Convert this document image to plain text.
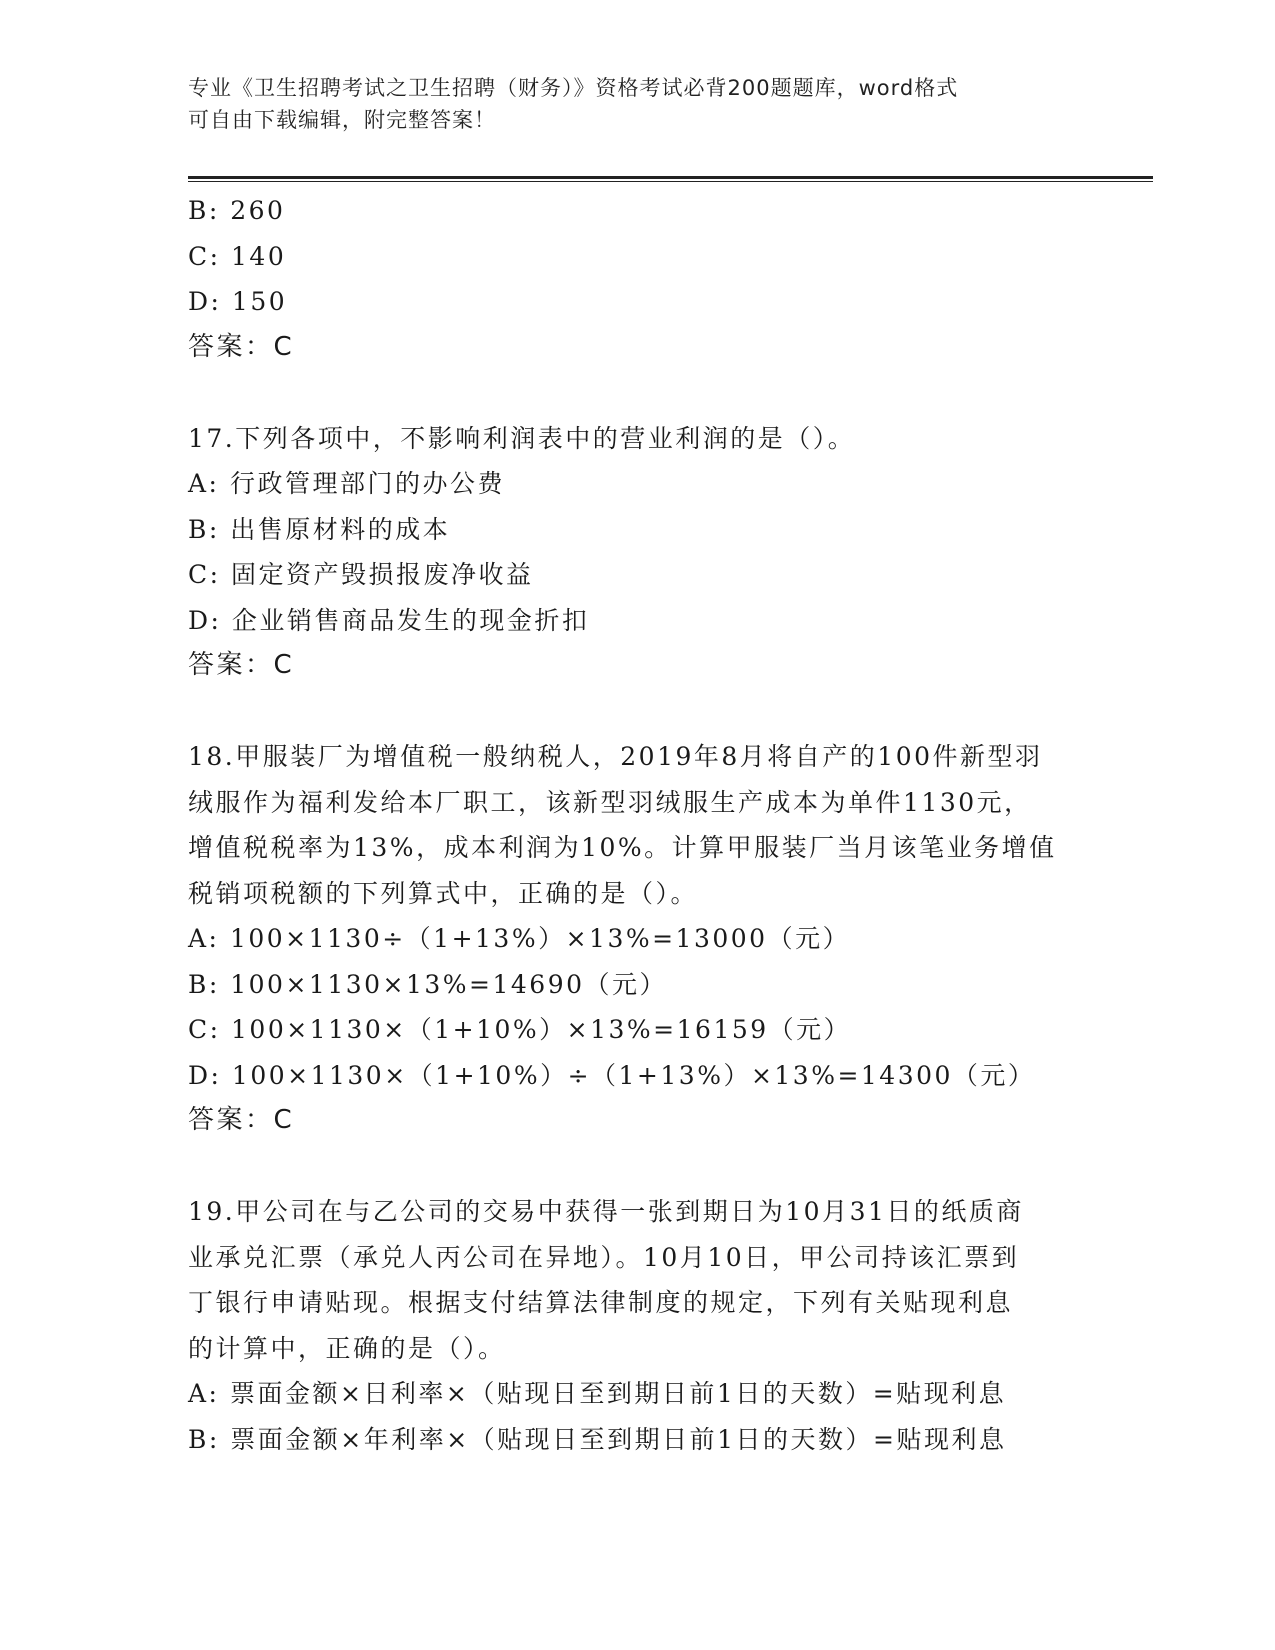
专业《卫生招聘考试之卫生招聘（财务）》资格考试必背200题题库，word格式
可自由下载编辑，附完整答案！
B: 260
C: 140
D: 150
答案：C
17.下列各项中，不影响利润表中的营业利润的是（）。
A: 行政管理部门的办公费
B: 出售原材料的成本
C: 固定资产毁损报废净收益
D: 企业销售商品发生的现金折扣
答案：C
18.甲服装厂为增值税一般纳税人，2019年8月将自产的100件新型羽
绒服作为福利发给本厂职工，该新型羽绒服生产成本为单件1130元，
增值税税率为13%，成本利润为10%。计算甲服装厂当月该笔业务增值
税销项税额的下列算式中，正确的是（）。
A: 100×1130÷（1+13%）×13%=13000（元）
B: 100×1130×13%=14690（元）
C: 100×1130×（1+10%）×13%=16159（元）
D: 100×1130×（1+10%）÷（1+13%）×13%=14300（元）
答案：C
19.甲公司在与乙公司的交易中获得一张到期日为10月31日的纸质商
业承兑汇票（承兑人丙公司在异地）。10月10日，甲公司持该汇票到
丁银行申请贴现。根据支付结算法律制度的规定，下列有关贴现利息
的计算中，正确的是（）。
A: 票面金额×日利率×（贴现日至到期日前1日的天数）=贴现利息
B: 票面金额×年利率×（贴现日至到期日前1日的天数）=贴现利息
